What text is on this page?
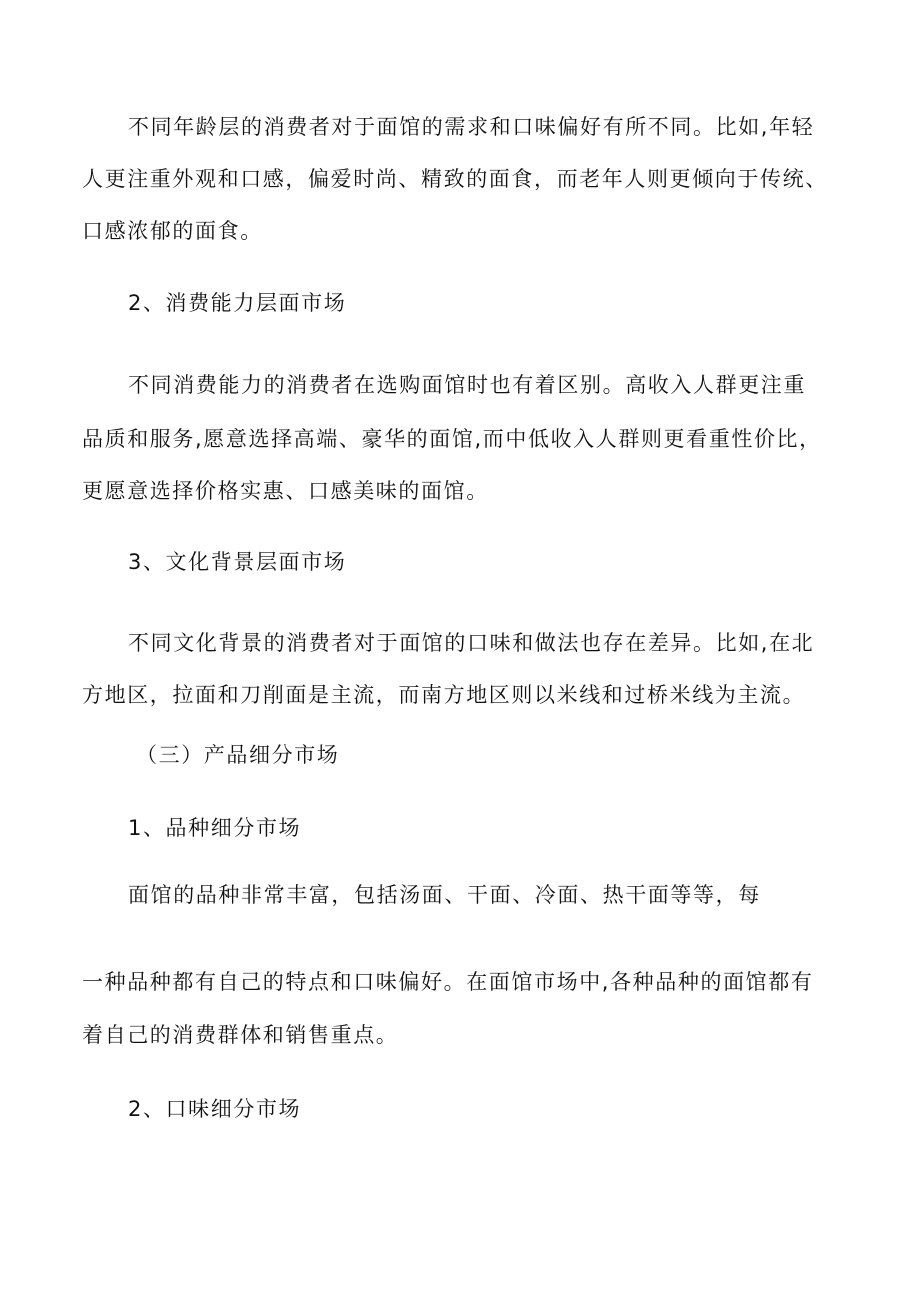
不同年龄层的消费者对于面馆的需求和口味偏好有所不同。比如,年轻
人更注重外观和口感，偏爱时尚、精致的面食，而老年人则更倾向于传统、
口感浓郁的面食。
2、消费能力层面市场
不同消费能力的消费者在选购面馆时也有着区别。高收入人群更注重
品质和服务,愿意选择高端、豪华的面馆,而中低收入人群则更看重性价比，
更愿意选择价格实惠、口感美味的面馆。
3、文化背景层面市场
不同文化背景的消费者对于面馆的口味和做法也存在差异。比如,在北
方地区，拉面和刀削面是主流，而南方地区则以米线和过桥米线为主流。
（三）产品细分市场
1、品种细分市场
面馆的品种非常丰富，包括汤面、干面、冷面、热干面等等，每
一种品种都有自己的特点和口味偏好。在面馆市场中,各种品种的面馆都有
着自己的消费群体和销售重点。
2、口味细分市场
